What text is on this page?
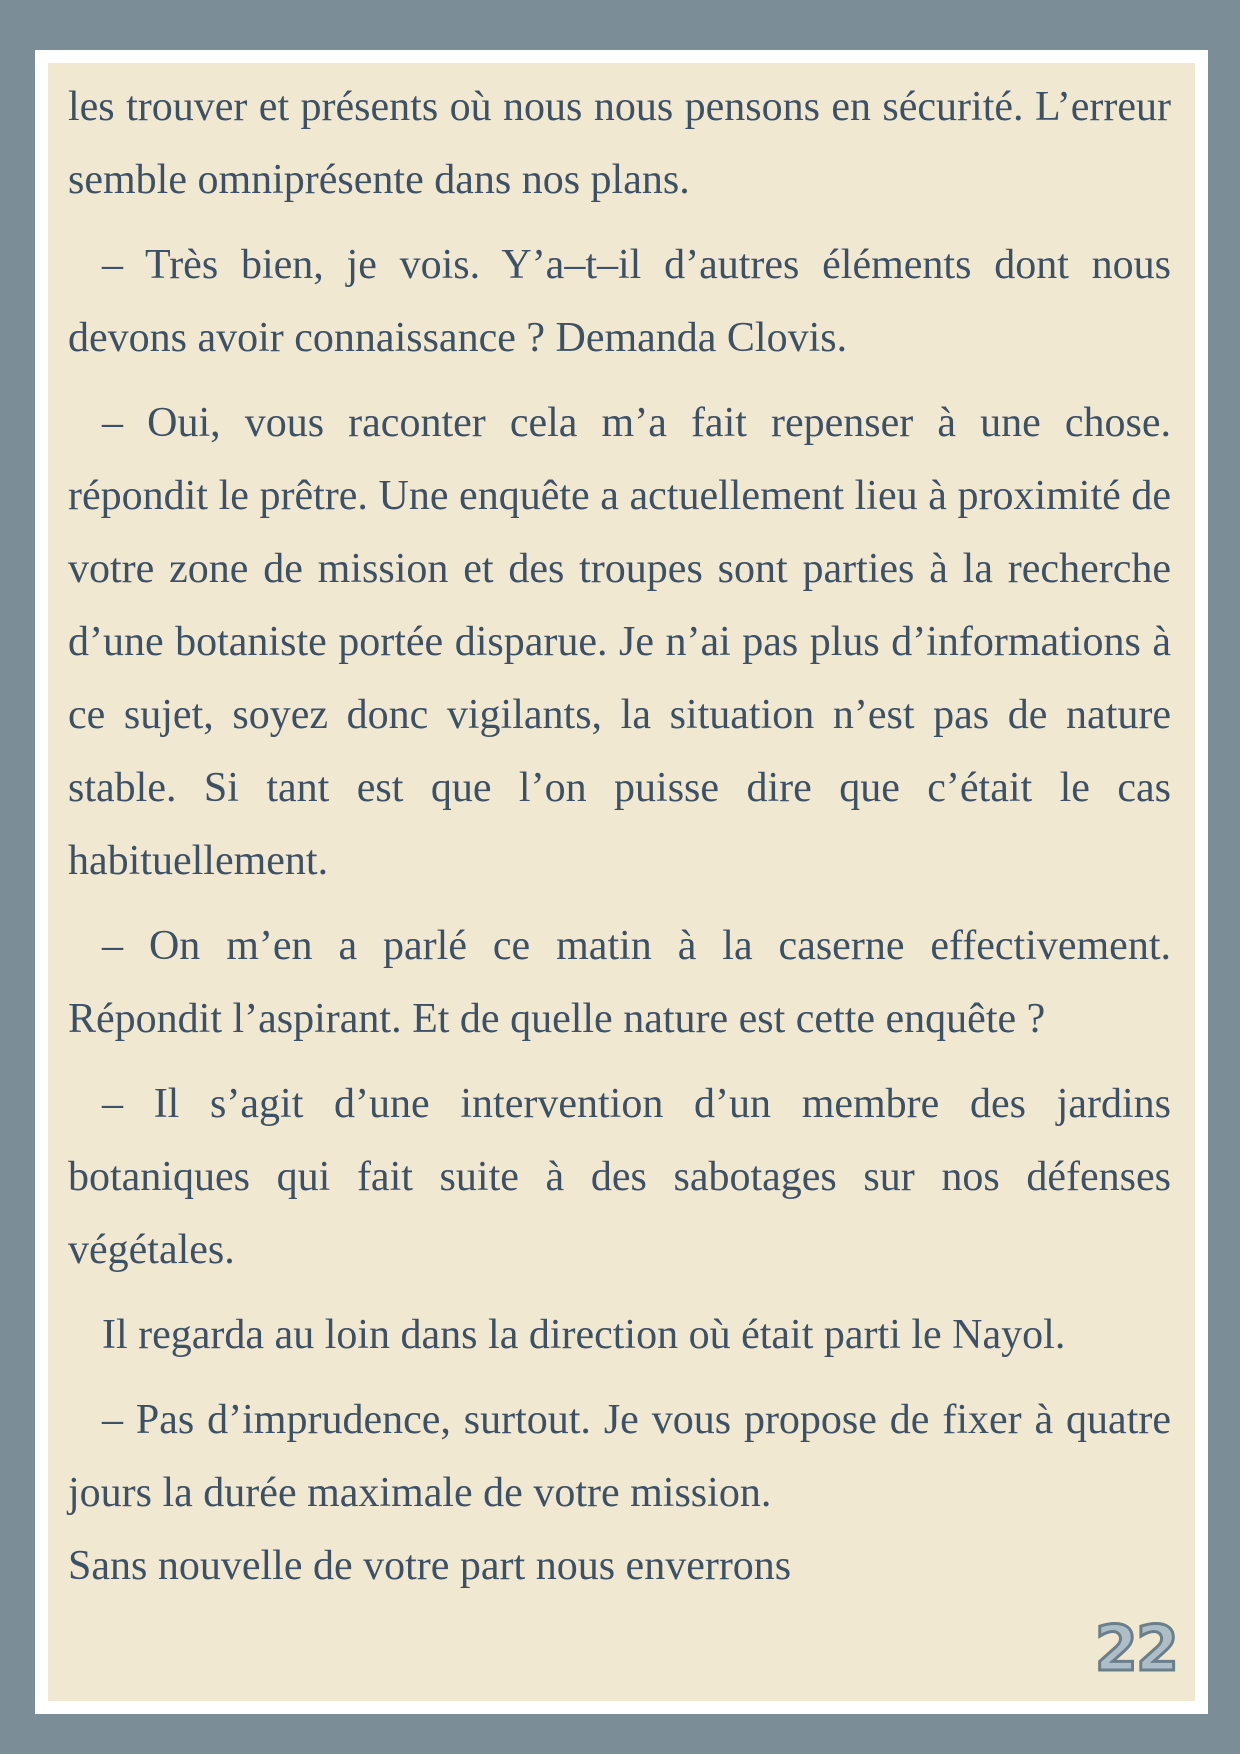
les trouver et présents où nous nous pensons en sécurité. L’erreur semble omniprésente dans nos plans.

– Très bien, je vois. Y’a–t–il d’autres éléments dont nous devons avoir connaissance ? Demanda Clovis.

– Oui, vous raconter cela m’a fait repenser à une chose. répondit le prêtre. Une enquête a actuellement lieu à proximité de votre zone de mission et des troupes sont parties à la recherche d’une botaniste portée disparue. Je n’ai pas plus d’informations à ce sujet, soyez donc vigilants, la situation n’est pas de nature stable. Si tant est que l’on puisse dire que c’était le cas habituellement.

– On m’en a parlé ce matin à la caserne effectivement. Répondit l’aspirant. Et de quelle nature est cette enquête ?

– Il s’agit d’une intervention d’un membre des jardins botaniques qui fait suite à des sabotages sur nos défenses végétales.

Il regarda au loin dans la direction où était parti le Nayol.

– Pas d’imprudence, surtout. Je vous propose de fixer à quatre jours la durée maximale de votre mission.

Sans nouvelle de votre part nous enverrons

22
